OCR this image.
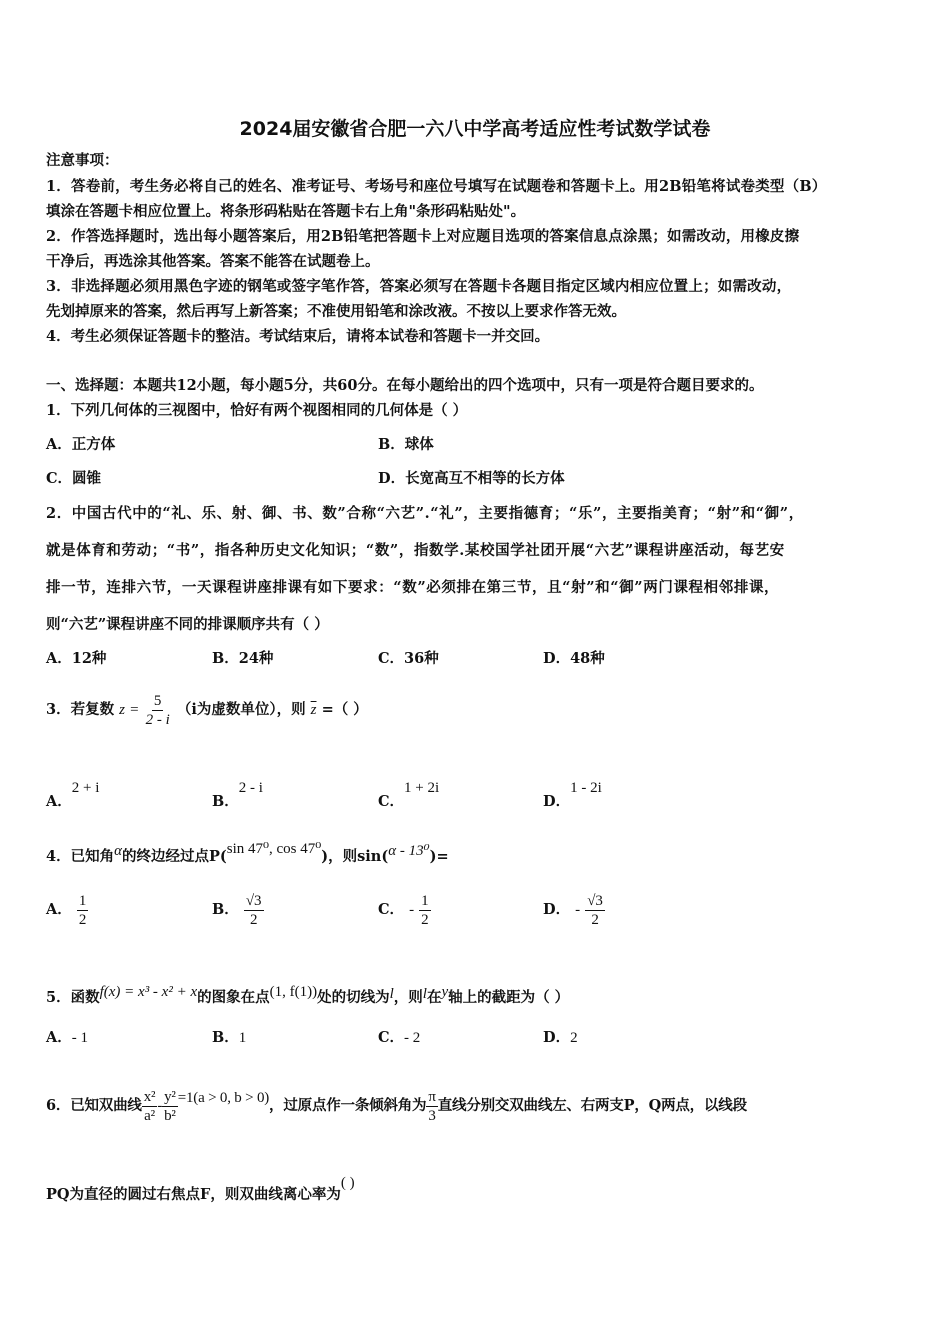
2024届安徽省合肥一六八中学高考适应性考试数学试卷
注意事项：
1．答卷前，考生务必将自己的姓名、准考证号、考场号和座位号填写在试题卷和答题卡上。用2B铅笔将试卷类型（B）
填涂在答题卡相应位置上。将条形码粘贴在答题卡右上角"条形码粘贴处"。
2．作答选择题时，选出每小题答案后，用2B铅笔把答题卡上对应题目选项的答案信息点涂黑；如需改动，用橡皮擦
干净后，再选涂其他答案。答案不能答在试题卷上。
3．非选择题必须用黑色字迹的钢笔或签字笔作答，答案必须写在答题卡各题目指定区域内相应位置上；如需改动，
先划掉原来的答案，然后再写上新答案；不准使用铅笔和涂改液。不按以上要求作答无效。
4．考生必须保证答题卡的整洁。考试结束后，请将本试卷和答题卡一并交回。
一、选择题：本题共12小题，每小题5分，共60分。在每小题给出的四个选项中，只有一项是符合题目要求的。
1．下列几何体的三视图中，恰好有两个视图相同的几何体是（ ）
A．正方体	B．球体
C．圆锥	D．长宽高互不相等的长方体
2．中国古代中的“礼、乐、射、御、书、数”合称“六艺”.“礼”，主要指德育；“乐”，主要指美育；“射”和“御”，
就是体育和劳动；“书”，指各种历史文化知识；“数”，指数学.某校国学社团开展“六艺”课程讲座活动，每艺安
排一节，连排六节，一天课程讲座排课有如下要求：“数”必须排在第三节，且“射”和“御”两门课程相邻排课，
则“六艺”课程讲座不同的排课顺序共有（ ）
A．12种	B．24种	C．36种	D．48种
3．若复数 $z = \frac{5}{2 - i} (i$为虚数单位），则 $\overline{z}$ =（ ）
A．2 + i
B．2 - i
C．1 + 2i
D．1 - 2i
4．已知角α的终边经过点P(sin 47⁰, cos 47⁰)，则sin(α - 13⁰)=
A． $\frac{1}{2}$	B． $\frac{√3}{2}$	C． - $\frac{1}{2}$	D． - $\frac{√3}{2}$
5．函数f(x) = x³ - x² + x的图象在点(1, f(1))处的切线为l，则l在y轴上的截距为（ ）
A．- 1	B．1	C．- 2	D．2
6．已知双曲线 $\frac{\text{x²}}{\text{a²}} - \frac{\text{y²}}{\text{b²}} =1(a > 0$, b > 0)，过原点作一条倾斜角为 $\frac{\pi}{3}$ 直线分别交双曲线左、右两支P，Q两点，以线段
PQ为直径的圆过右焦点F，则双曲线离心率为( )
